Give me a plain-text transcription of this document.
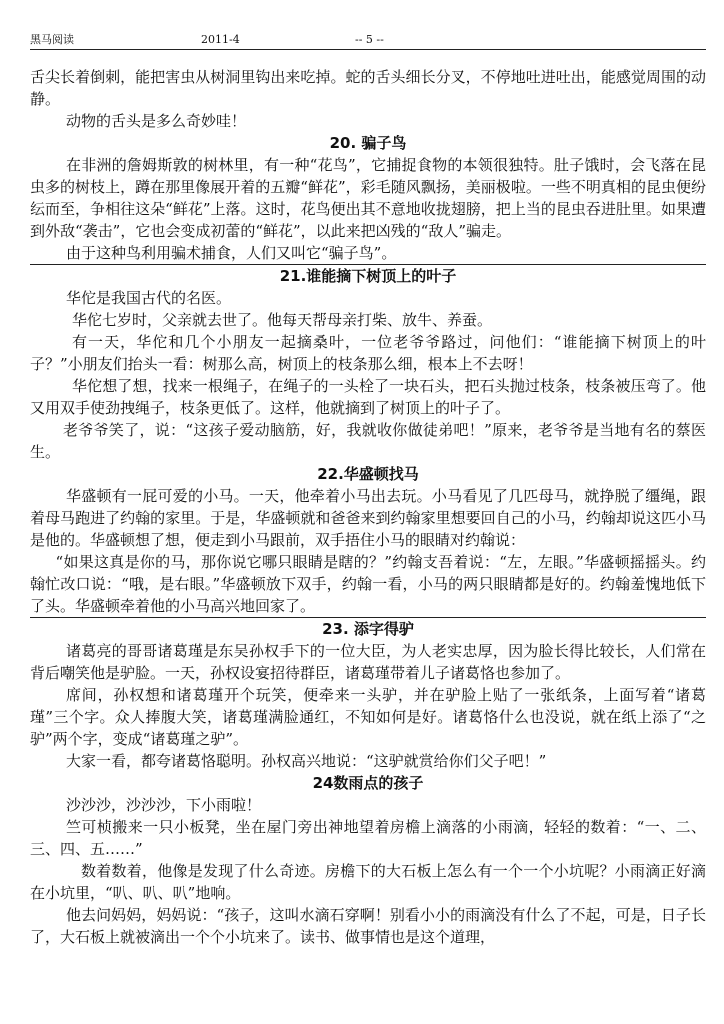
黑马阅读	2011-4	-- 5 --

舌尖长着倒刺，能把害虫从树洞里钩出来吃掉。蛇的舌头细长分叉，不停地吐进吐出，能感觉周围的动静。

动物的舌头是多么奇妙哇！

20. 骗子鸟

在非洲的詹姆斯敦的树林里，有一种“花鸟”，它捕捉食物的本领很独特。肚子饿时，会飞落在昆虫多的树枝上，蹲在那里像展开着的五瓣“鲜花”，彩毛随风飘扬，美丽极啦。一些不明真相的昆虫便纷纭而至，争相往这朵“鲜花”上落。这时，花鸟便出其不意地收拢翅膀，把上当的昆虫吞进肚里。如果遭到外敌“袭击”，它也会变成初蕾的“鲜花”，以此来把凶残的“敌人”骗走。

由于这种鸟利用骗术捕食，人们又叫它“骗子鸟”。

21.谁能摘下树顶上的叶子

华佗是我国古代的名医。

华佗七岁时，父亲就去世了。他每天帮母亲打柴、放牛、养蚕。

有一天，华佗和几个小朋友一起摘桑叶，一位老爷爷路过，问他们：“谁能摘下树顶上的叶子？”小朋友们抬头一看：树那么高，树顶上的枝条那么细，根本上不去呀！

华佗想了想，找来一根绳子，在绳子的一头栓了一块石头，把石头抛过枝条，枝条被压弯了。他又用双手使劲拽绳子，枝条更低了。这样，他就摘到了树顶上的叶子了。

老爷爷笑了，说：“这孩子爱动脑筋，好，我就收你做徒弟吧！”原来，老爷爷是当地有名的蔡医生。

22.华盛顿找马

华盛顿有一屁可爱的小马。一天，他牵着小马出去玩。小马看见了几匹母马，就挣脱了缰绳，跟着母马跑进了约翰的家里。于是，华盛顿就和爸爸来到约翰家里想要回自己的小马，约翰却说这匹小马是他的。华盛顿想了想，便走到小马跟前，双手捂住小马的眼睛对约翰说：

“如果这真是你的马，那你说它哪只眼睛是瞎的？”约翰支吾着说：“左，左眼。”华盛顿摇摇头。约翰忙改口说：“哦，是右眼。”华盛顿放下双手，约翰一看，小马的两只眼睛都是好的。约翰羞愧地低下了头。华盛顿牵着他的小马高兴地回家了。

23. 添字得驴

诸葛亮的哥哥诸葛瑾是东吴孙权手下的一位大臣，为人老实忠厚，因为脸长得比较长，人们常在背后嘲笑他是驴脸。一天，孙权设宴招待群臣，诸葛瑾带着儿子诸葛恪也参加了。

席间，孙权想和诸葛瑾开个玩笑，便牵来一头驴，并在驴脸上贴了一张纸条，上面写着“诸葛瑾”三个字。众人捧腹大笑，诸葛瑾满脸通红，不知如何是好。诸葛恪什么也没说，就在纸上添了“之驴”两个字，变成“诸葛瑾之驴”。

大家一看，都夸诸葛恪聪明。孙权高兴地说：“这驴就赏给你们父子吧！”

24数雨点的孩子

沙沙沙，沙沙沙，下小雨啦！

竺可桢搬来一只小板凳，坐在屋门旁出神地望着房檐上滴落的小雨滴，轻轻的数着：“一、二、三、四、五……”

数着数着，他像是发现了什么奇迹。房檐下的大石板上怎么有一个一个小坑呢？小雨滴正好滴在小坑里，“叭、叭、叭”地响。

他去问妈妈，妈妈说：“孩子，这叫水滴石穿啊！别看小小的雨滴没有什么了不起，可是，日子长了，大石板上就被滴出一个个小坑来了。读书、做事情也是这个道理，
